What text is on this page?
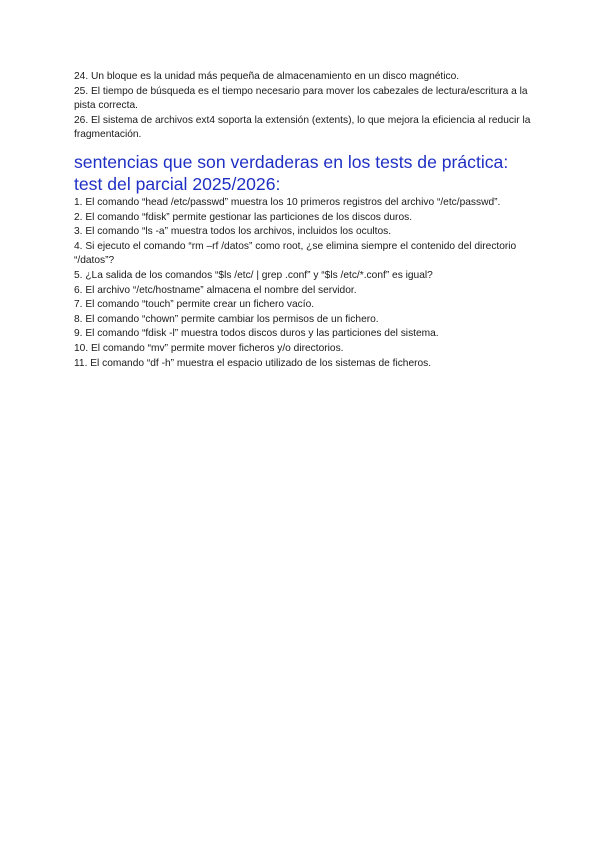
24. Un bloque es la unidad más pequeña de almacenamiento en un disco magnético.

25. El tiempo de búsqueda es el tiempo necesario para mover los cabezales de lectura/escritura a la pista correcta.

26. El sistema de archivos ext4 soporta la extensión (extents), lo que mejora la eficiencia al reducir la fragmentación.

sentencias que son verdaderas en los tests de práctica:
test del parcial 2025/2026:

1. El comando “head /etc/passwd” muestra los 10 primeros registros del archivo “/etc/passwd”.

2. El comando “fdisk” permite gestionar las particiones de los discos duros.

3. El comando “ls -a” muestra todos los archivos, incluidos los ocultos.

4. Si ejecuto el comando “rm –rf /datos” como root, ¿se elimina siempre el contenido del directorio “/datos”?

5. ¿La salida de los comandos “$ls /etc/ | grep .conf” y “$ls /etc/*.conf” es igual?

6. El archivo “/etc/hostname” almacena el nombre del servidor.

7. El comando “touch” permite crear un fichero vacío.

8. El comando “chown” permite cambiar los permisos de un fichero.

9. El comando “fdisk -l” muestra todos discos duros y las particiones del sistema.

10. El comando “mv” permite mover ficheros y/o directorios.

11. El comando “df -h” muestra el espacio utilizado de los sistemas de ficheros.
